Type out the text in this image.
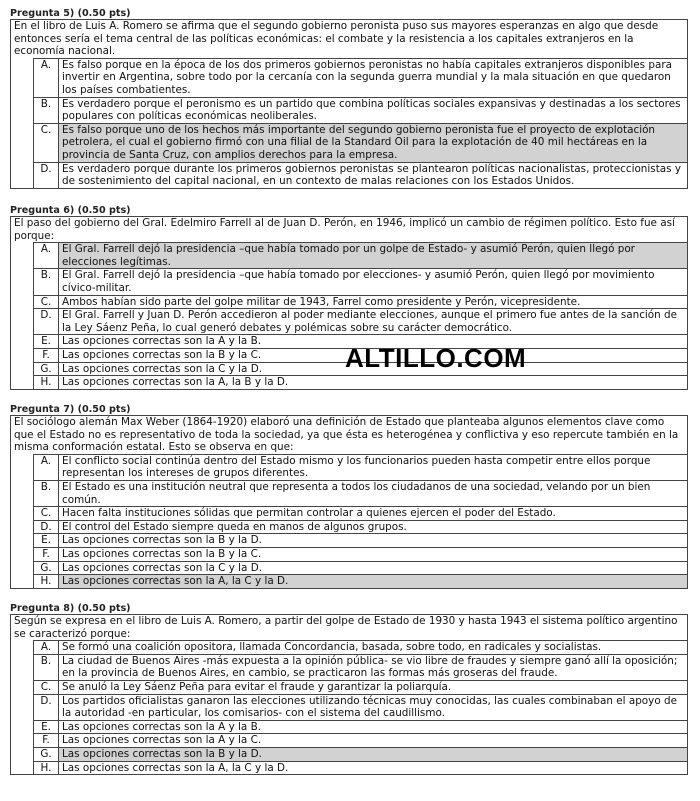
Pregunta 5) (0.50 pts)
En el libro de Luis A. Romero se afirma que el segundo gobierno peronista puso sus mayores esperanzas en algo que desde entonces sería el tema central de las políticas económicas: el combate y la resistencia a los capitales extranjeros en la economía nacional.
A.	Es falso porque en la época de los dos primeros gobiernos peronistas no había capitales extranjeros disponibles para invertir en Argentina, sobre todo por la cercanía con la segunda guerra mundial y la mala situación en que quedaron los países combatientes.
B.	Es verdadero porque el peronismo es un partido que combina políticas sociales expansivas y destinadas a los sectores populares con políticas económicas neoliberales.
C.	Es falso porque uno de los hechos más importante del segundo gobierno peronista fue el proyecto de explotación petrolera, el cual el gobierno firmó con una filial de la Standard Oil para la explotación de 40 mil hectáreas en la provincia de Santa Cruz, con amplios derechos para la empresa.
D. Es verdadero porque durante los primeros gobiernos peronistas se plantearon políticas nacionalistas, proteccionistas y de sostenimiento del capital nacional, en un contexto de malas relaciones con los Estados Unidos.
Pregunta 6) (0.50 pts)
El paso del gobierno del Gral. Edelmiro Farrell al de Juan D. Perón, en 1946, implicó un cambio de régimen político. Esto fue así porque:
A.	El Gral. Farrell dejó la presidencia –que había tomado por un golpe de Estado- y asumió Perón, quien llegó por elecciones legítimas.
B.	El Gral. Farrell dejó la presidencia –que había tomado por elecciones- y asumió Perón, quien llegó por movimiento cívico-militar.
C.	Ambos habían sido parte del golpe militar de 1943, Farrel como presidente y Perón, vicepresidente.
D. El Gral. Farrell y Juan D. Perón accedieron al poder mediante elecciones, aunque el primero fue antes de la sanción de la Ley Sáenz Peña, lo cual generó debates y polémicas sobre su carácter democrático.
E.	Las opciones correctas son la A y la B.
F.	Las opciones correctas son la B y la C.
G. Las opciones correctas son la C y la D.
H.	Las opciones correctas son la A, la B y la D.
Pregunta 7) (0.50 pts)
El sociólogo alemán Max Weber (1864-1920) elaboró una definición de Estado que planteaba algunos elementos clave como que el Estado no es representativo de toda la sociedad, ya que ésta es heterogénea y conflictiva y eso repercute también en la misma conformación estatal. Esto se observa en que:
A.	El conflicto social continúa dentro del Estado mismo y los funcionarios pueden hasta competir entre ellos porque representan los intereses de grupos diferentes.
B.	El Estado es una institución neutral que representa a todos los ciudadanos de una sociedad, velando por un bien común.
C.	Hacen falta instituciones sólidas que permitan controlar a quienes ejercen el poder del Estado.
D. El control del Estado siempre queda en manos de algunos grupos.
E.	Las opciones correctas son la B y la D.
F.	Las opciones correctas son la B y la C.
G. Las opciones correctas son la C y la D.
H.	Las opciones correctas son la A, la C y la D.
Pregunta 8) (0.50 pts)
Según se expresa en el libro de Luis A. Romero, a partir del golpe de Estado de 1930 y hasta 1943 el sistema político argentino se caracterizó porque:
A.	Se formó una coalición opositora, llamada Concordancia, basada, sobre todo, en radicales y socialistas.
B.	La ciudad de Buenos Aires -más expuesta a la opinión pública- se vio libre de fraudes y siempre ganó allí la oposición; en la provincia de Buenos Aires, en cambio, se practicaron las formas más groseras del fraude.
C.	Se anuló la Ley Sáenz Peña para evitar el fraude y garantizar la poliarquía.
D. Los partidos oficialistas ganaron las elecciones utilizando técnicas muy conocidas, las cuales combinaban el apoyo de la autoridad -en particular, los comisarios- con el sistema del caudillismo.
E.	Las opciones correctas son la A y la B.
F.	Las opciones correctas son la A y la C.
G. Las opciones correctas son la B y la D.
H.	Las opciones correctas son la A, la C y la D.
ALTILLO.COM
